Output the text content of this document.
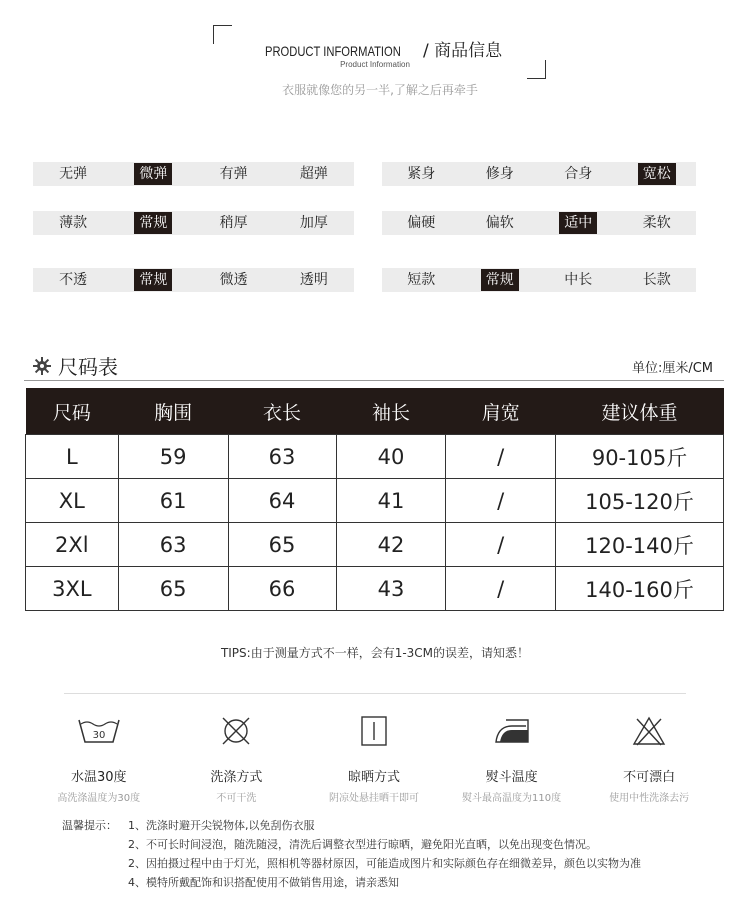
PRODUCT INFORMATION / 商品信息
Product Information
衣服就像您的另一半,了解之后再牵手
无弹	微弹	有弹	超弹
薄款	常规	稍厚	加厚
不透	常规	微透	透明
紧身	修身	合身	宽松
偏硬	偏软	适中	柔软
短款	常规	中长	长款
尺码表	单位:厘米/CM
尺码	胸围	衣长	袖长	肩宽	建议体重
L	59	63	40	/	90-105斤
XL	61	64	41	/	105-120斤
2Xl	63	65	42	/	120-140斤
3XL	65	66	43	/	140-160斤
TIPS:由于测量方式不一样，会有1-3CM的误差，请知悉！
30
水温30度
高洗涤温度为30度
洗涤方式
不可干洗
晾晒方式
阴凉处悬挂晒干即可
熨斗温度
熨斗最高温度为110度
不可漂白
使用中性洗涤去污
温馨提示： 1、洗涤时避开尖锐物体,以免刮伤衣服
2、不可长时间浸泡，随洗随浸，清洗后调整衣型进行晾晒，避免阳光直晒，以免出现变色情况。
2、因拍摄过程中由于灯光，照相机等器材原因，可能造成图片和实际颜色存在细微差异，颜色以实物为准
4、模特所戴配饰和识搭配使用不做销售用途，请亲悉知
